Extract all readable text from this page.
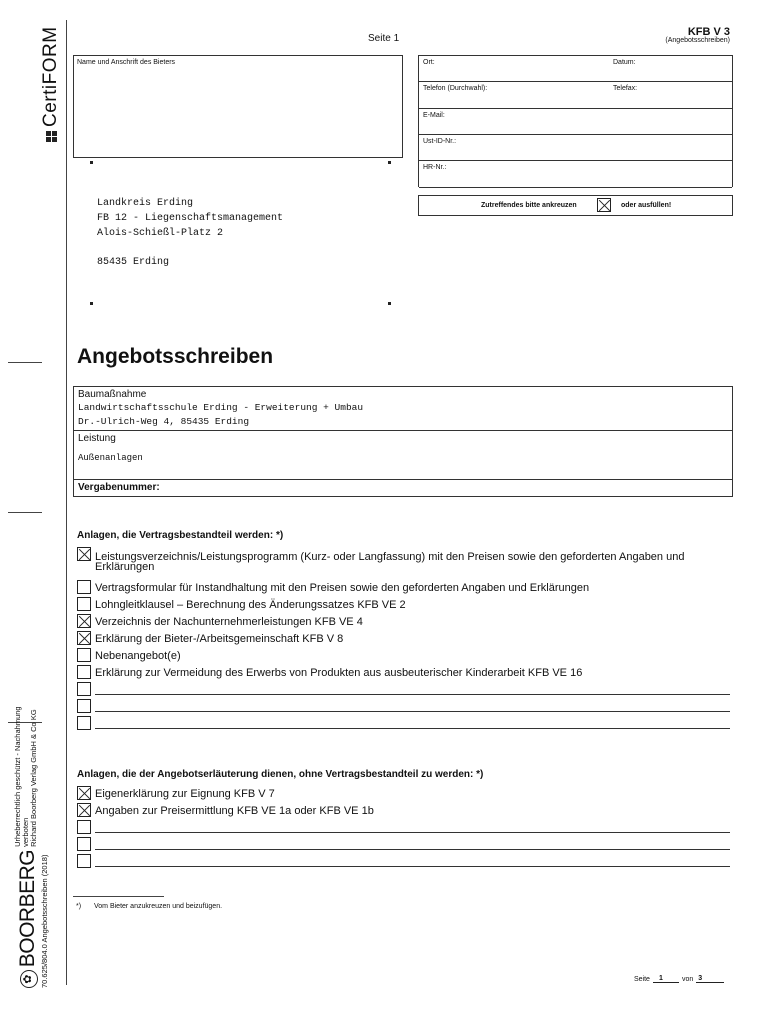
CertiFORM
✿
BOORBERG
Urheberrechtlich geschützt - Nachahmung verboten Richard Boorberg Verlag GmbH & Co KG
70.625/804.0 Angebotsschreiben (2018)
Seite 1
KFB V 3
(Angebotsschreiben)
Name und Anschrift des Bieters	Ort:	Datum:
Telefon (Durchwahl):	Telefax:
E-Mail:
Ust-ID-Nr.:
HR-Nr.:
Zutreffendes bitte ankreuzen	oder ausfüllen!
Landkreis Erding
FB 12 - Liegenschaftsmanagement
Alois-Schießl-Platz 2
85435 Erding
Angebotsschreiben
Baumaßnahme
Landwirtschaftsschule Erding - Erweiterung + Umbau
Dr.-Ulrich-Weg 4, 85435 Erding
Leistung
Außenanlagen
Vergabenummer:
Anlagen, die Vertragsbestandteil werden: *)
Leistungsverzeichnis/Leistungsprogramm (Kurz- oder Langfassung) mit den Preisen sowie den geforderten Angaben und
Erklärungen
Vertragsformular für Instandhaltung mit den Preisen sowie den geforderten Angaben und Erklärungen
Lohngleitklausel – Berechnung des Änderungssatzes KFB VE 2
Verzeichnis der Nachunternehmerleistungen KFB VE 4
Erklärung der Bieter-/Arbeitsgemeinschaft KFB V 8
Nebenangebot(e)
Erklärung zur Vermeidung des Erwerbs von Produkten aus ausbeuterischer Kinderarbeit KFB VE 16
Anlagen, die der Angebotserläuterung dienen, ohne Vertragsbestandteil zu werden: *)
Eigenerklärung zur Eignung KFB V 7
Angaben zur Preisermittlung KFB VE 1a oder KFB VE 1b
*) Vom Bieter anzukreuzen und beizufügen.
Seite	1	von 3
